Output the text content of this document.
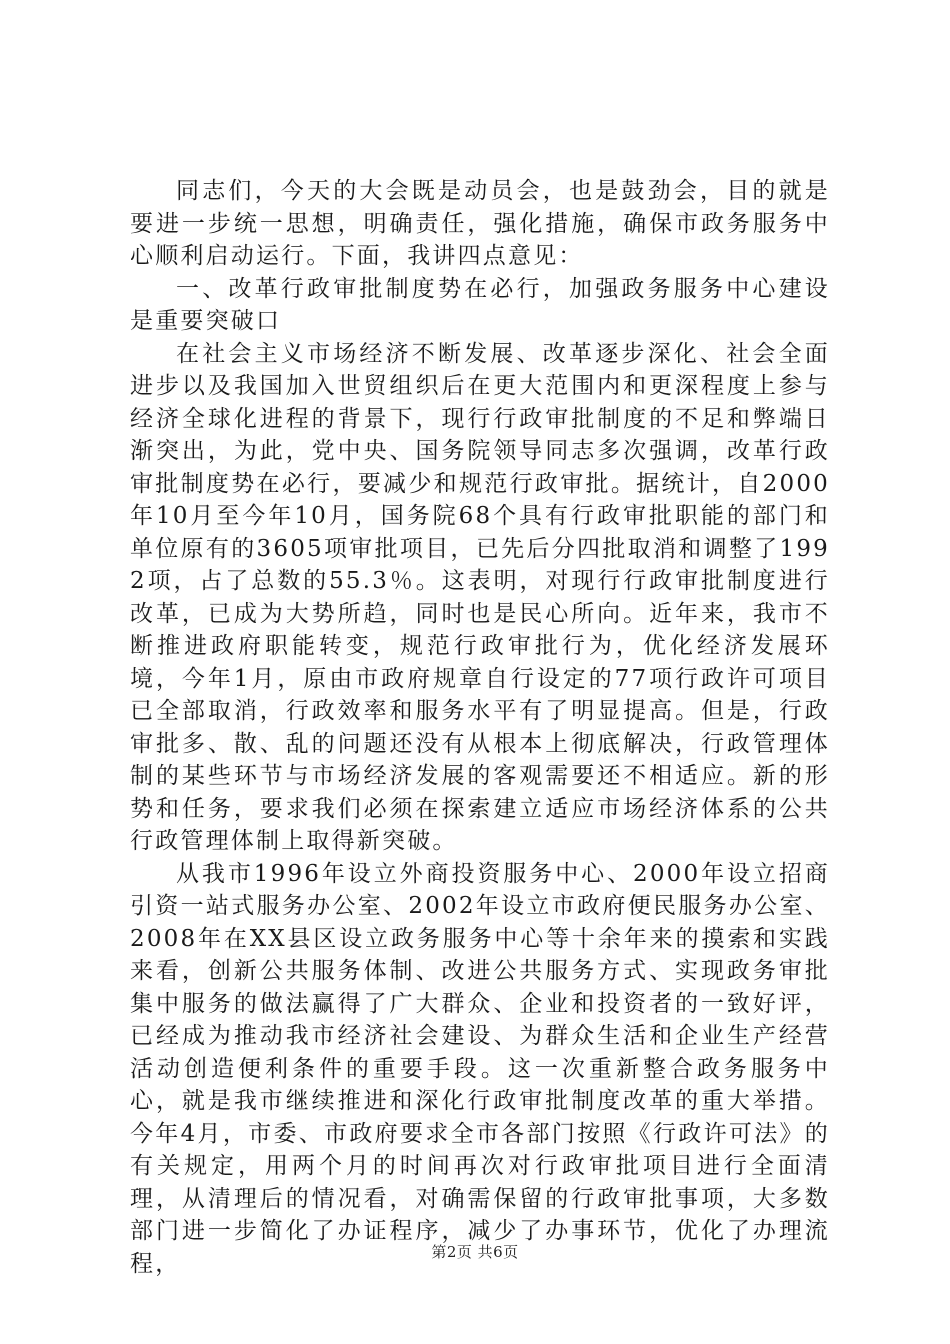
同志们，今天的大会既是动员会，也是鼓劲会，目的就是要进一步统一思想，明确责任，强化措施，确保市政务服务中心顺利启动运行。下面，我讲四点意见：

一、改革行政审批制度势在必行，加强政务服务中心建设是重要突破口

在社会主义市场经济不断发展、改革逐步深化、社会全面进步以及我国加入世贸组织后在更大范围内和更深程度上参与经济全球化进程的背景下，现行行政审批制度的不足和弊端日渐突出，为此，党中央、国务院领导同志多次强调，改革行政审批制度势在必行，要减少和规范行政审批。据统计，自2000年10月至今年10月，国务院68个具有行政审批职能的部门和单位原有的3605项审批项目，已先后分四批取消和调整了1992项，占了总数的55.3％。这表明，对现行行政审批制度进行改革，已成为大势所趋，同时也是民心所向。近年来，我市不断推进政府职能转变，规范行政审批行为，优化经济发展环境，今年1月，原由市政府规章自行设定的77项行政许可项目已全部取消，行政效率和服务水平有了明显提高。但是，行政审批多、散、乱的问题还没有从根本上彻底解决，行政管理体制的某些环节与市场经济发展的客观需要还不相适应。新的形势和任务，要求我们必须在探索建立适应市场经济体系的公共行政管理体制上取得新突破。

从我市1996年设立外商投资服务中心、2000年设立招商引资一站式服务办公室、2002年设立市政府便民服务办公室、2008年在XX县区设立政务服务中心等十余年来的摸索和实践来看，创新公共服务体制、改进公共服务方式、实现政务审批集中服务的做法赢得了广大群众、企业和投资者的一致好评，已经成为推动我市经济社会建设、为群众生活和企业生产经营活动创造便利条件的重要手段。这一次重新整合政务服务中心，就是我市继续推进和深化行政审批制度改革的重大举措。今年4月，市委、市政府要求全市各部门按照《行政许可法》的有关规定，用两个月的时间再次对行政审批项目进行全面清理，从清理后的情况看，对确需保留的行政审批事项，大多数部门进一步简化了办证程序，减少了办事环节，优化了办理流程，	第2页 共6页
